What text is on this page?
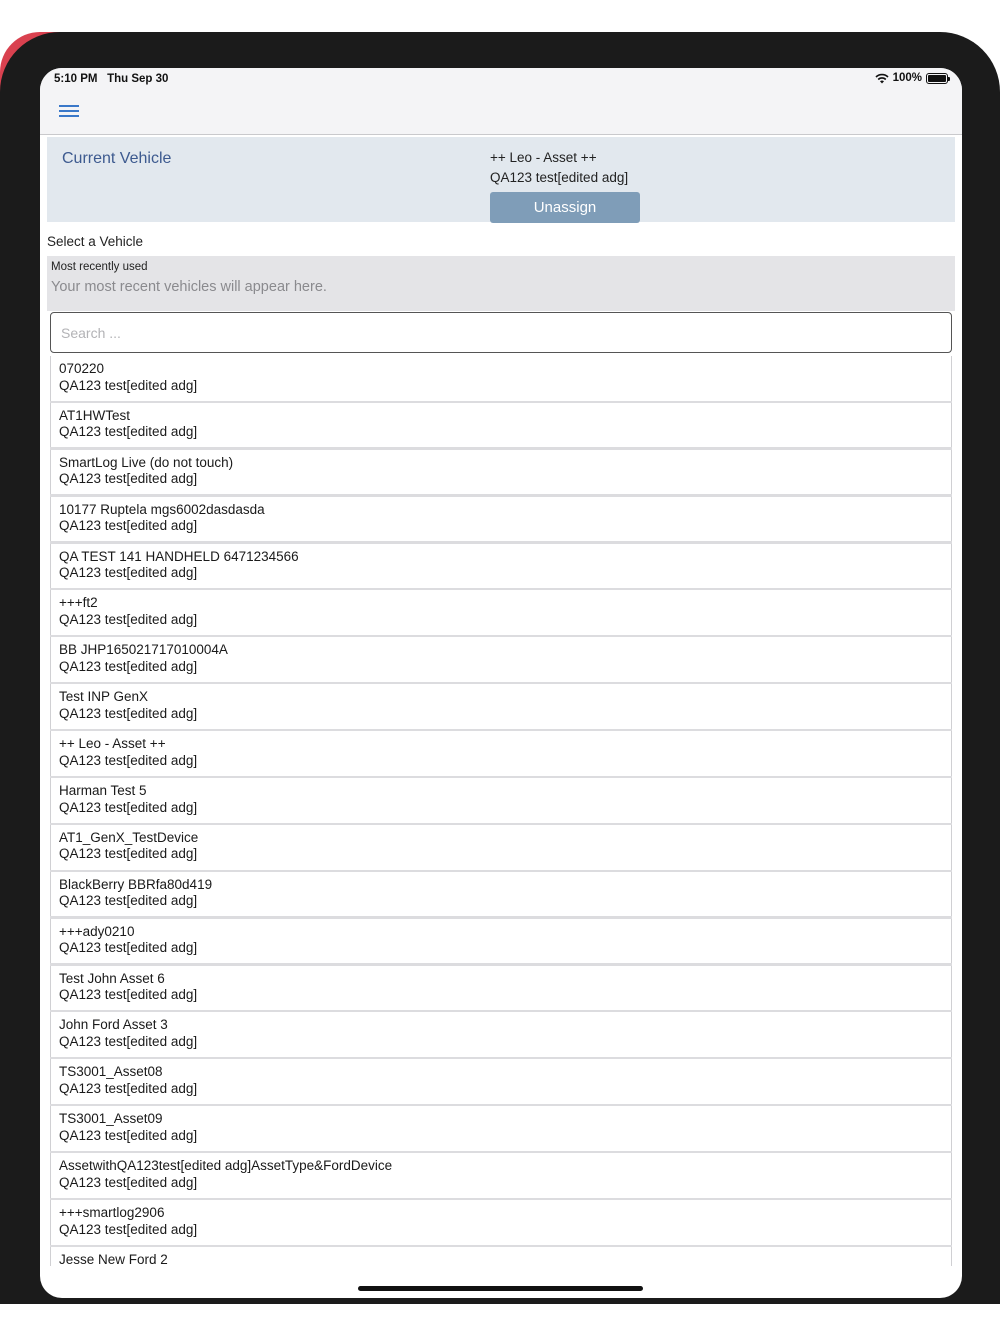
5:10 PM Thu Sep 30	100%
Current Vehicle	++ Leo - Asset ++
QA123 test[edited adg]
Unassign
Select a Vehicle
Most recently used
Your most recent vehicles will appear here.
Search ...
070220
QA123 test[edited adg]
AT1HWTest
QA123 test[edited adg]
SmartLog Live (do not touch)
QA123 test[edited adg]
10177 Ruptela mgs6002dasdasda
QA123 test[edited adg]
QA TEST 141 HANDHELD 6471234566
QA123 test[edited adg]
+++ft2
QA123 test[edited adg]
BB JHP165021717010004A
QA123 test[edited adg]
Test INP GenX
QA123 test[edited adg]
++ Leo - Asset ++
QA123 test[edited adg]
Harman Test 5
QA123 test[edited adg]
AT1_GenX_TestDevice
QA123 test[edited adg]
BlackBerry BBRfa80d419
QA123 test[edited adg]
+++ady0210
QA123 test[edited adg]
Test John Asset 6
QA123 test[edited adg]
John Ford Asset 3
QA123 test[edited adg]
TS3001_Asset08
QA123 test[edited adg]
TS3001_Asset09
QA123 test[edited adg]
AssetwithQA123test[edited adg]AssetType&FordDevice
QA123 test[edited adg]
+++smartlog2906
QA123 test[edited adg]
Jesse New Ford 2
